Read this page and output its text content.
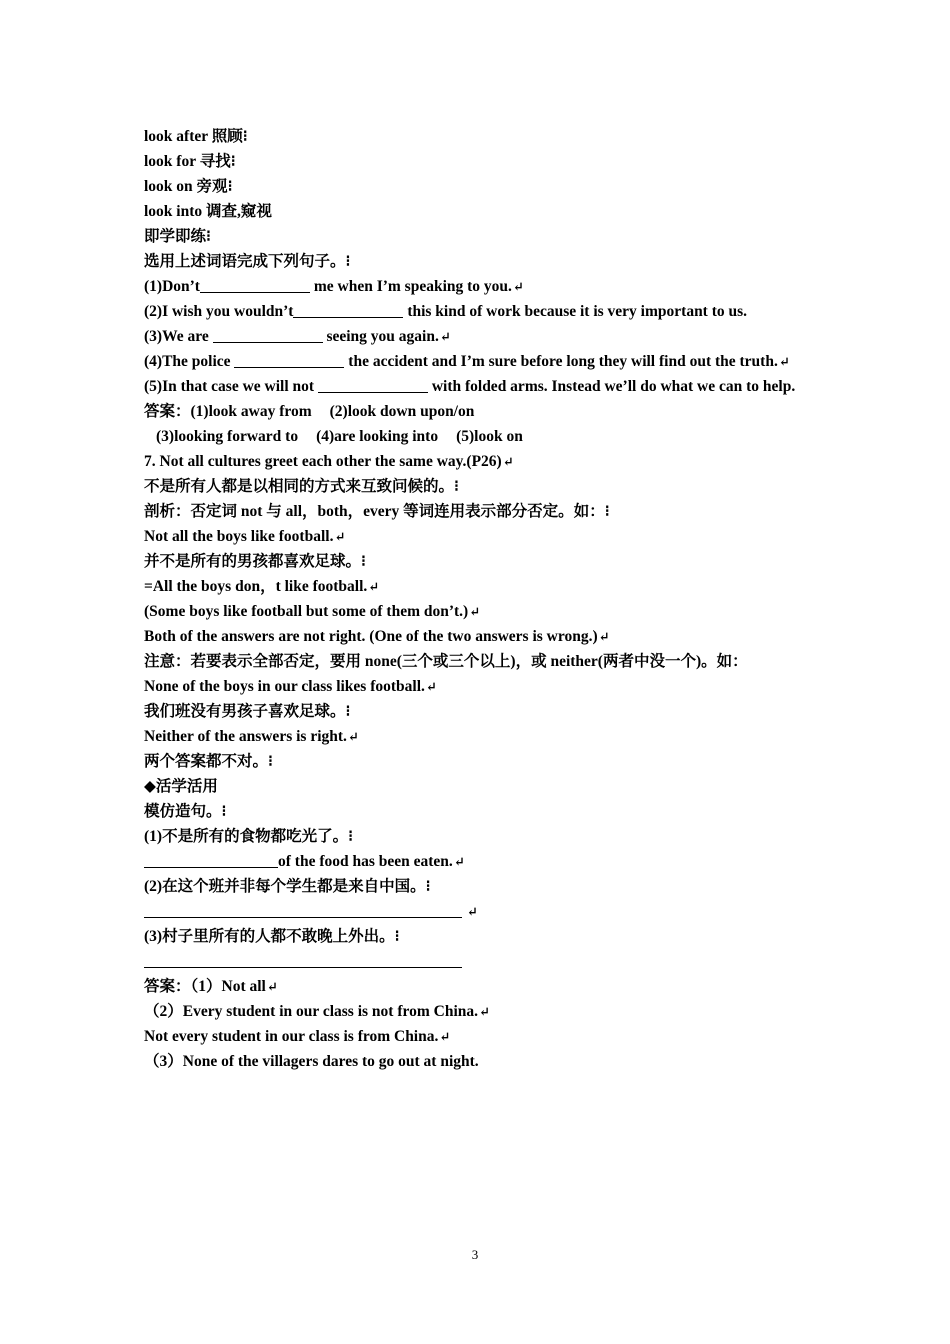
look after 照顾⁝
look for 寻找⁝
look on 旁观⁝
look into 调查,窥视
即学即练⁝
选用上述词语完成下列句子。⁝
(1)Don’t	me when I’m speaking to you.↵
(2)I wish you wouldn’t	this kind of work because it is very important to us.
(3)We are	seeing you again.↵
(4)The police	the accident and I’m sure before long they will find out the truth.↵
(5)In that case we will not	with folded arms. Instead we’ll do what we can to help.
答案：(1)look away from (2)look down upon/on
(3)looking forward to (4)are looking into (5)look on
7. Not all cultures greet each other the same way.(P26)↵
不是所有人都是以相同的方式来互致问候的。⁝
剖析：否定词 not 与 all，both，every 等词连用表示部分否定。如：⁝
Not all the boys like football.↵
并不是所有的男孩都喜欢足球。⁝
=All the boys don，t like football.↵
(Some boys like football but some of them don’t.)↵
Both of the answers are not right. (One of the two answers is wrong.)↵
注意：若要表示全部否定，要用 none(三个或三个以上)，或 neither(两者中没一个)。如：
None of the boys in our class likes football.↵
我们班没有男孩子喜欢足球。⁝
Neither of the answers is right.↵
两个答案都不对。⁝
◆活学活用
模仿造句。⁝
(1)不是所有的食物都吃光了。⁝
of the food has been eaten.↵
(2)在这个班并非每个学生都是来自中国。⁝
↵
(3)村子里所有的人都不敢晚上外出。⁝
答案：（1）Not all↵
（2）Every student in our class is not from China.↵
Not every student in our class is from China.↵
（3）None of the villagers dares to go out at night.
3
